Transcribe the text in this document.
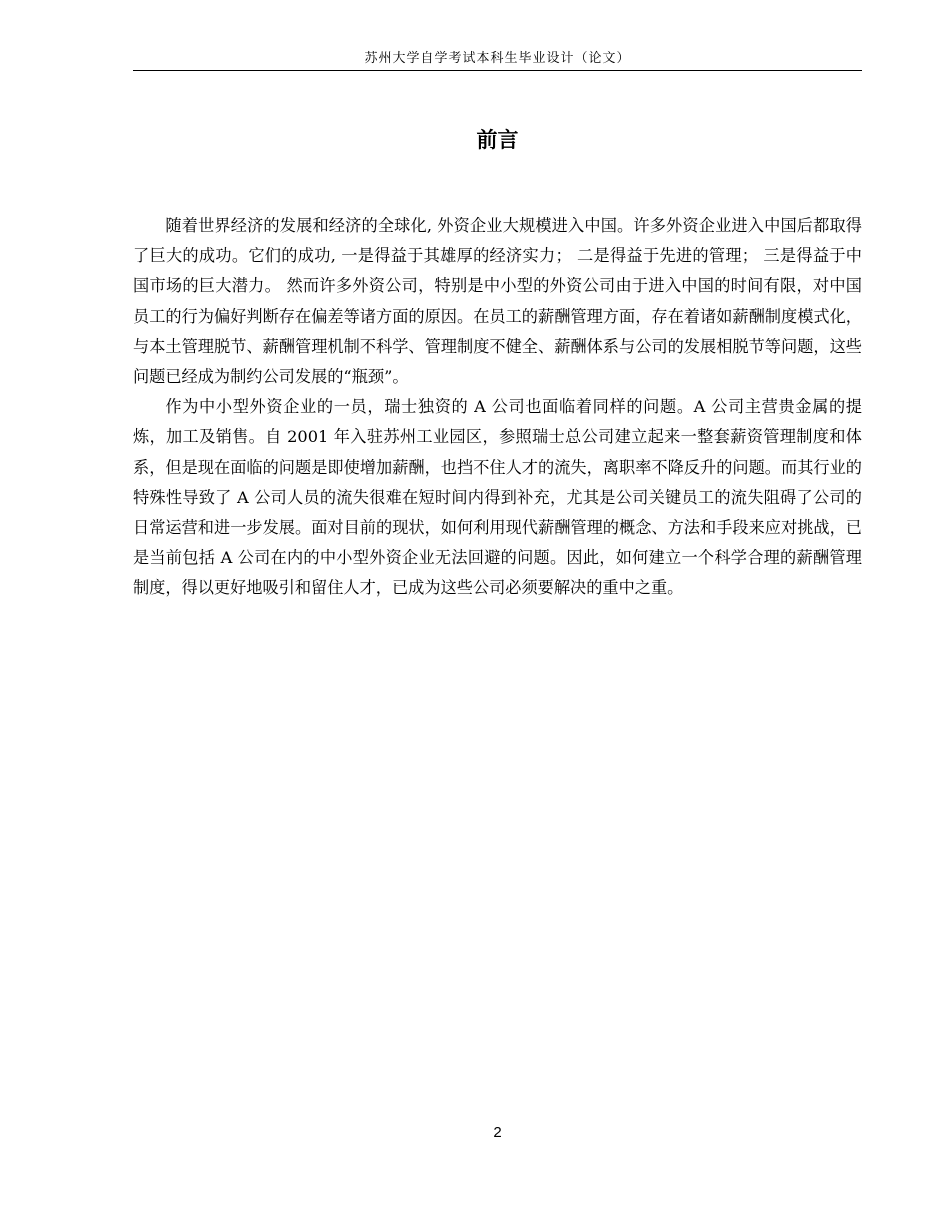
苏州大学自学考试本科生毕业设计（论文）
前言

随着世界经济的发展和经济的全球化, 外资企业大规模进入中国。许多外资企业进入中国后都取得了巨大的成功。它们的成功, 一是得益于其雄厚的经济实力； 二是得益于先进的管理； 三是得益于中国市场的巨大潜力。 然而许多外资公司，特别是中小型的外资公司由于进入中国的时间有限，对中国员工的行为偏好判断存在偏差等诸方面的原因。在员工的薪酬管理方面，存在着诸如薪酬制度模式化，与本土管理脱节、薪酬管理机制不科学、管理制度不健全、薪酬体系与公司的发展相脱节等问题，这些问题已经成为制约公司发展的“瓶颈”。

作为中小型外资企业的一员，瑞士独资的 A 公司也面临着同样的问题。A 公司主营贵金属的提炼，加工及销售。自 2001 年入驻苏州工业园区，参照瑞士总公司建立起来一整套薪资管理制度和体系，但是现在面临的问题是即使增加薪酬，也挡不住人才的流失，离职率不降反升的问题。而其行业的特殊性导致了 A 公司人员的流失很难在短时间内得到补充，尤其是公司关键员工的流失阻碍了公司的日常运营和进一步发展。面对目前的现状，如何利用现代薪酬管理的概念、方法和手段来应对挑战，已是当前包括 A 公司在内的中小型外资企业无法回避的问题。因此，如何建立一个科学合理的薪酬管理制度，得以更好地吸引和留住人才，已成为这些公司必须要解决的重中之重。

2
